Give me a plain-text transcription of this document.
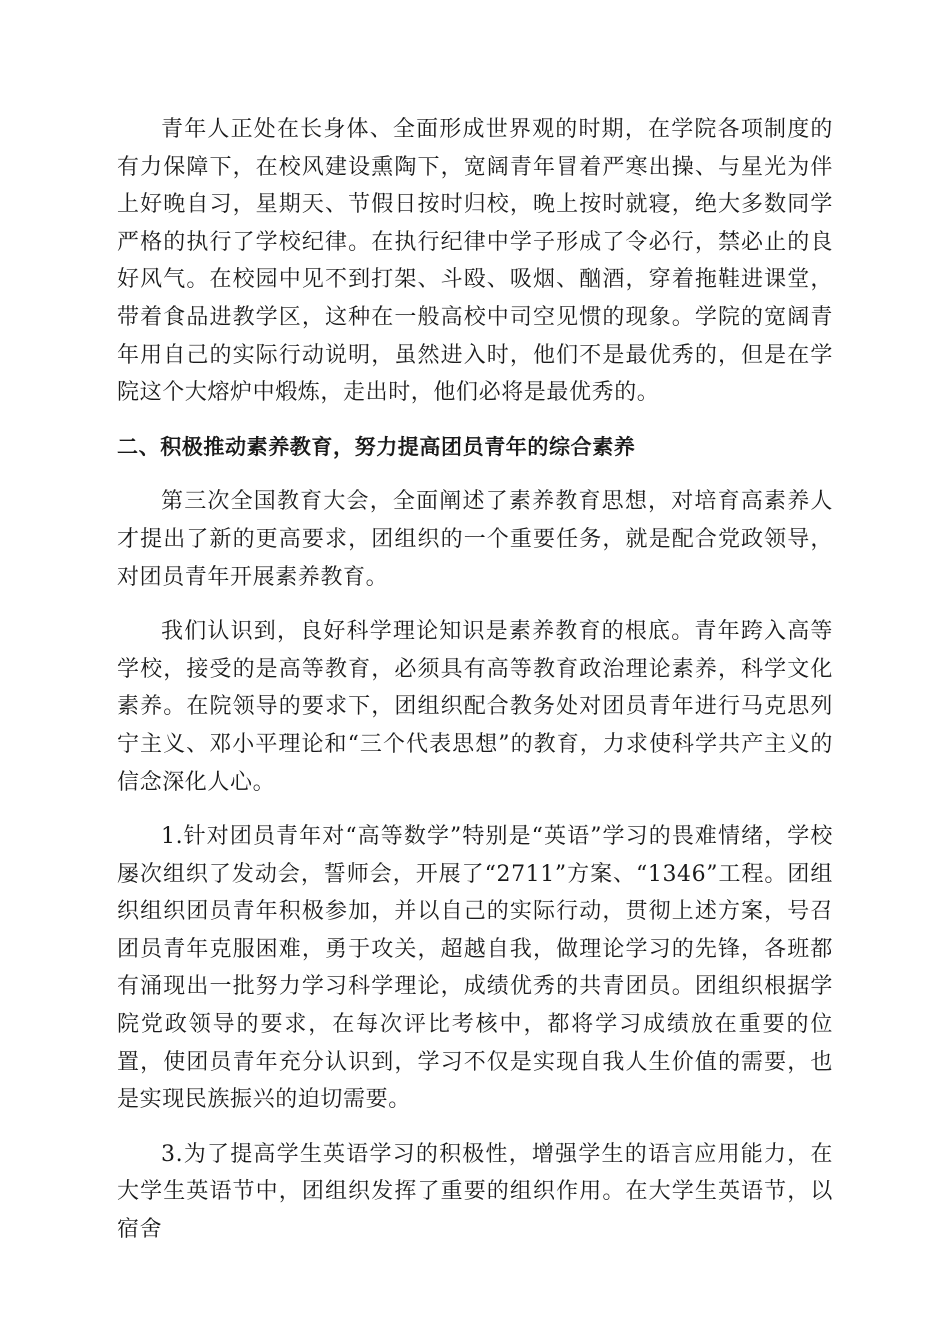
青年人正处在长身体、全面形成世界观的时期，在学院各项制度的有力保障下，在校风建设熏陶下，宽阔青年冒着严寒出操、与星光为伴上好晚自习，星期天、节假日按时归校，晚上按时就寝，绝大多数同学严格的执行了学校纪律。在执行纪律中学子形成了令必行，禁必止的良好风气。在校园中见不到打架、斗殴、吸烟、酗酒，穿着拖鞋进课堂，带着食品进教学区，这种在一般高校中司空见惯的现象。学院的宽阔青年用自己的实际行动说明，虽然进入时，他们不是最优秀的，但是在学院这个大熔炉中煅炼，走出时，他们必将是最优秀的。

二、积极推动素养教育，努力提高团员青年的综合素养

第三次全国教育大会，全面阐述了素养教育思想，对培育高素养人才提出了新的更高要求，团组织的一个重要任务，就是配合党政领导，对团员青年开展素养教育。

我们认识到，良好科学理论知识是素养教育的根底。青年跨入高等学校，接受的是高等教育，必须具有高等教育政治理论素养，科学文化素养。在院领导的要求下，团组织配合教务处对团员青年进行马克思列宁主义、邓小平理论和“三个代表思想”的教育，力求使科学共产主义的信念深化人心。

1.针对团员青年对“高等数学”特别是“英语”学习的畏难情绪，学校屡次组织了发动会，誓师会，开展了“2711”方案、“1346”工程。团组织组织团员青年积极参加，并以自己的实际行动，贯彻上述方案，号召团员青年克服困难，勇于攻关，超越自我，做理论学习的先锋，各班都有涌现出一批努力学习科学理论，成绩优秀的共青团员。团组织根据学院党政领导的要求，在每次评比考核中，都将学习成绩放在重要的位置，使团员青年充分认识到，学习不仅是实现自我人生价值的需要，也是实现民族振兴的迫切需要。

3.为了提高学生英语学习的积极性，增强学生的语言应用能力，在大学生英语节中，团组织发挥了重要的组织作用。在大学生英语节，以宿舍
